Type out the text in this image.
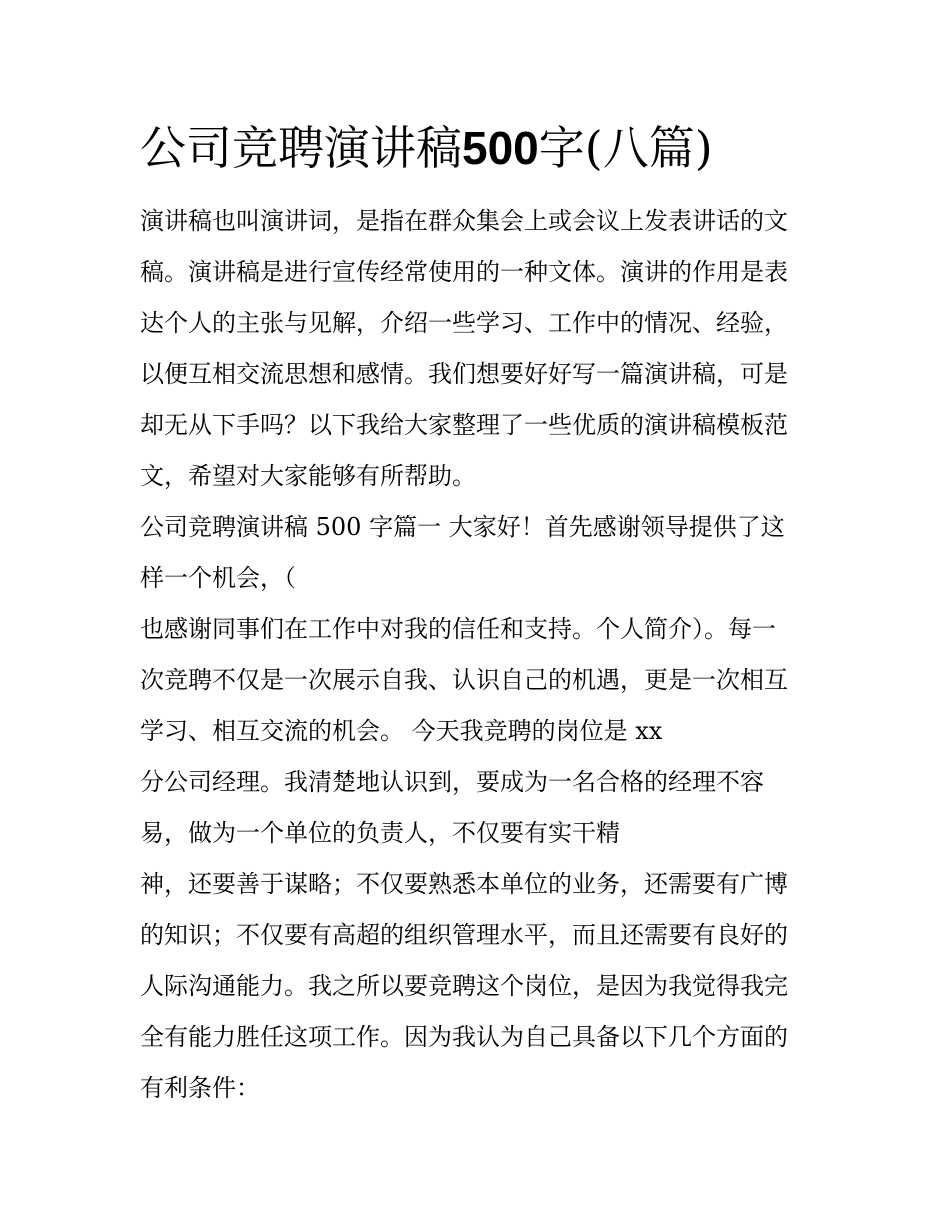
公司竞聘演讲稿500字(八篇)

演讲稿也叫演讲词，是指在群众集会上或会议上发表讲话的文

稿。演讲稿是进行宣传经常使用的一种文体。演讲的作用是表

达个人的主张与见解，介绍一些学习、工作中的情况、经验，

以便互相交流思想和感情。我们想要好好写一篇演讲稿，可是

却无从下手吗？以下我给大家整理了一些优质的演讲稿模板范

文，希望对大家能够有所帮助。

公司竞聘演讲稿 500 字篇一 大家好！首先感谢领导提供了这

样一个机会，（

也感谢同事们在工作中对我的信任和支持。个人简介）。每一

次竞聘不仅是一次展示自我、认识自己的机遇，更是一次相互

学习、相互交流的机会。 今天我竞聘的岗位是 xx

分公司经理。我清楚地认识到，要成为一名合格的经理不容

易，做为一个单位的负责人，不仅要有实干精

神，还要善于谋略；不仅要熟悉本单位的业务，还需要有广博

的知识；不仅要有高超的组织管理水平，而且还需要有良好的

人际沟通能力。我之所以要竞聘这个岗位，是因为我觉得我完

全有能力胜任这项工作。因为我认为自己具备以下几个方面的

有利条件：
